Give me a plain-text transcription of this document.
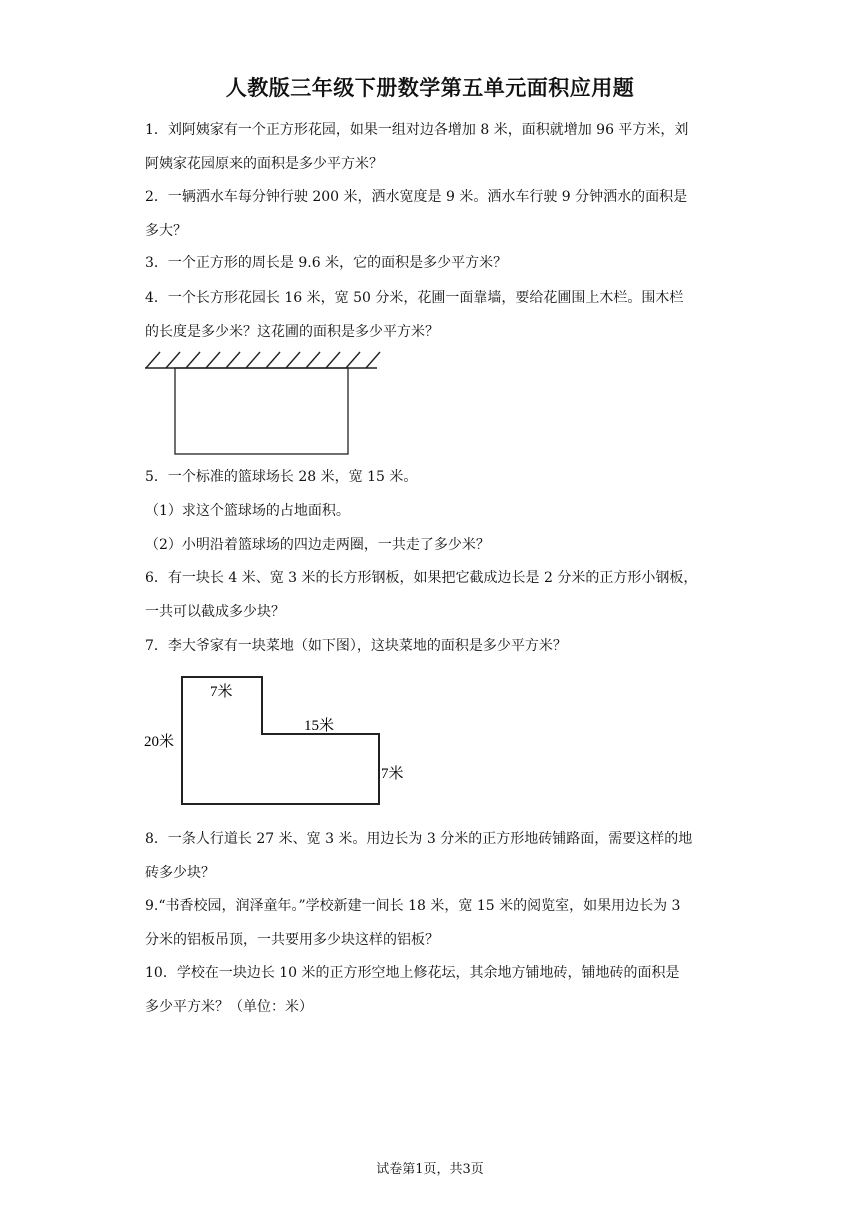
人教版三年级下册数学第五单元面积应用题

1．刘阿姨家有一个正方形花园，如果一组对边各增加 8 米，面积就增加 96 平方米，刘

阿姨家花园原来的面积是多少平方米？

2．一辆洒水车每分钟行驶 200 米，洒水宽度是 9 米。洒水车行驶 9 分钟洒水的面积是

多大？

3．一个正方形的周长是 9.6 米，它的面积是多少平方米？

4．一个长方形花园长 16 米，宽 50 分米，花圃一面靠墙，要给花圃围上木栏。围木栏

的长度是多少米？这花圃的面积是多少平方米？

5．一个标准的篮球场长 28 米，宽 15 米。

（1）求这个篮球场的占地面积。

（2）小明沿着篮球场的四边走两圈，一共走了多少米？

6．有一块长 4 米、宽 3 米的长方形钢板，如果把它截成边长是 2 分米的正方形小钢板，

一共可以截成多少块？

7．李大爷家有一块菜地（如下图），这块菜地的面积是多少平方米？

7米
20米
15米
7米

8．一条人行道长 27 米、宽 3 米。用边长为 3 分米的正方形地砖铺路面，需要这样的地

砖多少块？

9.“书香校园，润泽童年。”学校新建一间长 18 米，宽 15 米的阅览室，如果用边长为 3

分米的铝板吊顶，一共要用多少块这样的铝板？

10．学校在一块边长 10 米的正方形空地上修花坛，其余地方铺地砖，铺地砖的面积是

多少平方米？（单位：米）

试卷第1页，共3页
